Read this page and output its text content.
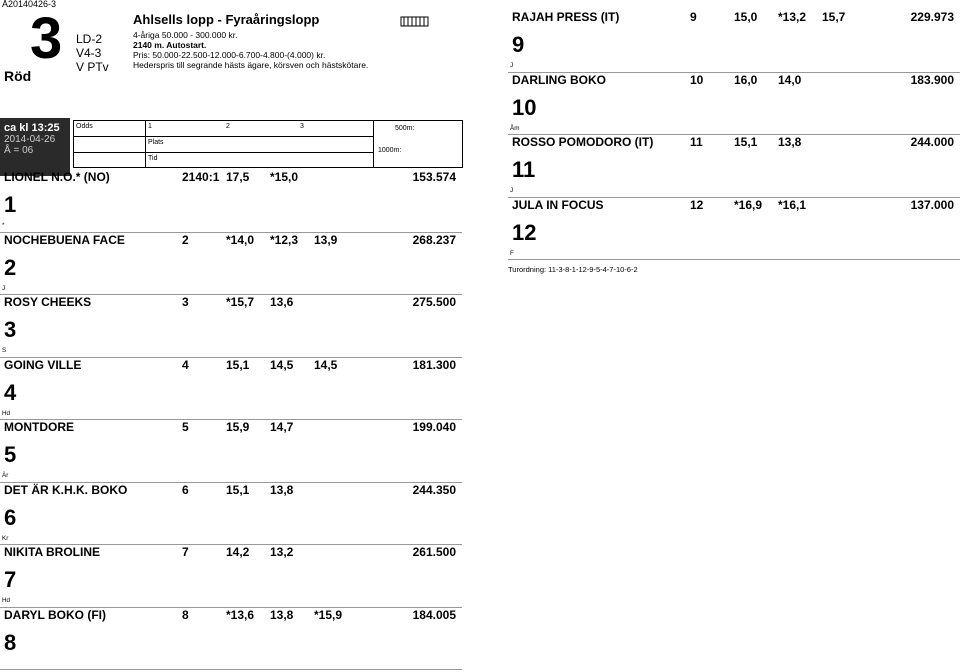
Å20140426-3
3
Röd
LD-2
V4-3
V PTv
Ahlsells lopp - Fyraåringslopp
4-åriga 50.000 - 300.000 kr.
2140 m. Autostart.
Pris: 50.000-22.500-12.000-6.700-4.800-(4.000) kr.
Hederspris till segrande hästs ägare, körsven och hästskötare.
ca kl 13:25
2014-04-26
Å = 06
Odds	1	2	3
Plats
Tid
500m:
1000m:
LIONEL N.O.* (NO)	2140:1 17,5 *15,0	153.574
1
*
NOCHEBUENA FACE	2	*14,0 *12,3 13,9	268.237
2
J
ROSY CHEEKS	3	*15,7 13,6	275.500
3
S
GOING VILLE	4	15,1 14,5 14,5	181.300
4
Hd
MONTDORE	5	15,9 14,7	199.040
5
Är
DET ÄR K.H.K. BOKO	6	15,1 13,8	244.350
6
Kr
NIKITA BROLINE	7	14,2 13,2	261.500
7
Hd
DARYL BOKO (FI)	8	*13,6 13,8 *15,9	184.005
8
RAJAH PRESS (IT)	9	15,0 *13,2 15,7	229.973
9
J
DARLING BOKO	10	16,0 14,0	183.900
10
Åm
ROSSO POMODORO (IT)	11	15,1 13,8	244.000
11
J
JULA IN FOCUS	12	*16,9 *16,1	137.000
12
F
Turordning: 11-3-8-1-12-9-5-4-7-10-6-2
